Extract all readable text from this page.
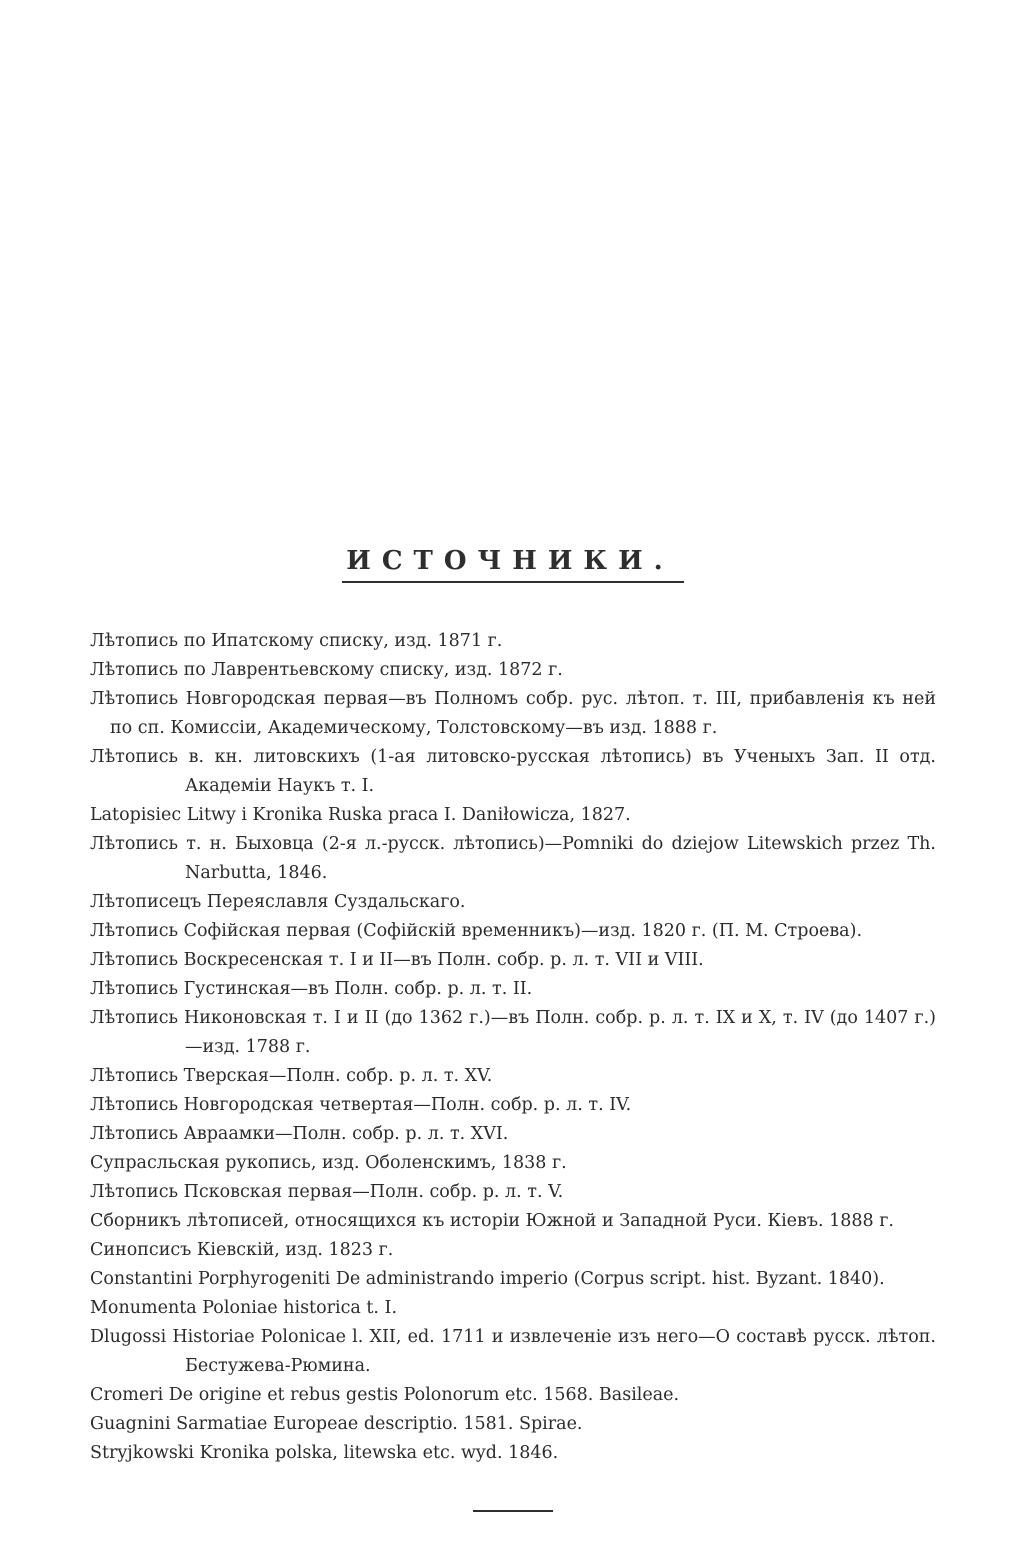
ИСТОЧНИКИ.

Лѣтопись по Ипатскому списку, изд. 1871 г.

Лѣтопись по Лаврентьевскому списку, изд. 1872 г.

Лѣтопись Новгородская первая—въ Полномъ собр. рус. лѣтоп. т. III, прибавленія къ ней по сп. Комиссіи, Академическому, Толстовскому—въ изд. 1888 г.

Лѣтопись в. кн. литовскихъ (1-ая литовско-русская лѣтопись) въ Ученыхъ Зап. II отд. Академіи Наукъ т. I.

Latopisiec Litwy i Kronika Ruska praca I. Daniłowicza, 1827.

Лѣтопись т. н. Быховца (2-я л.-русск. лѣтопись)—Pomniki do dziejow Litewskich przez Th. Narbutta, 1846.

Лѣтописецъ Переяславля Суздальскаго.

Лѣтопись Софійская первая (Софійскій временникъ)—изд. 1820 г. (П. М. Строева).

Лѣтопись Воскресенская т. I и II—въ Полн. собр. р. л. т. VII и VIII.

Лѣтопись Густинская—въ Полн. собр. р. л. т. II.

Лѣтопись Никоновская т. I и II (до 1362 г.)—въ Полн. собр. р. л. т. IX и X, т. IV (до 1407 г.)—изд. 1788 г.

Лѣтопись Тверская—Полн. собр. р. л. т. XV.

Лѣтопись Новгородская четвертая—Полн. собр. р. л. т. IV.

Лѣтопись Авраамки—Полн. собр. р. л. т. XVI.

Супрасльская рукопись, изд. Оболенскимъ, 1838 г.

Лѣтопись Псковская первая—Полн. собр. р. л. т. V.

Сборникъ лѣтописей, относящихся къ исторіи Южной и Западной Руси. Кіевъ. 1888 г.

Синопсисъ Кіевскій, изд. 1823 г.

Constantini Porphyrogeniti De administrando imperio (Corpus script. hist. Byzant. 1840).

Monumenta Poloniae historica t. I.

Dlugossi Historiae Polonicae l. XII, ed. 1711 и извлеченіе изъ него—О составѣ русск. лѣтоп. Бестужева-Рюмина.

Cromeri De origine et rebus gestis Polonorum etc. 1568. Basileae.

Guagnini Sarmatiae Europeae descriptio. 1581. Spirae.

Stryjkowski Kronika polska, litewska etc. wyd. 1846.
